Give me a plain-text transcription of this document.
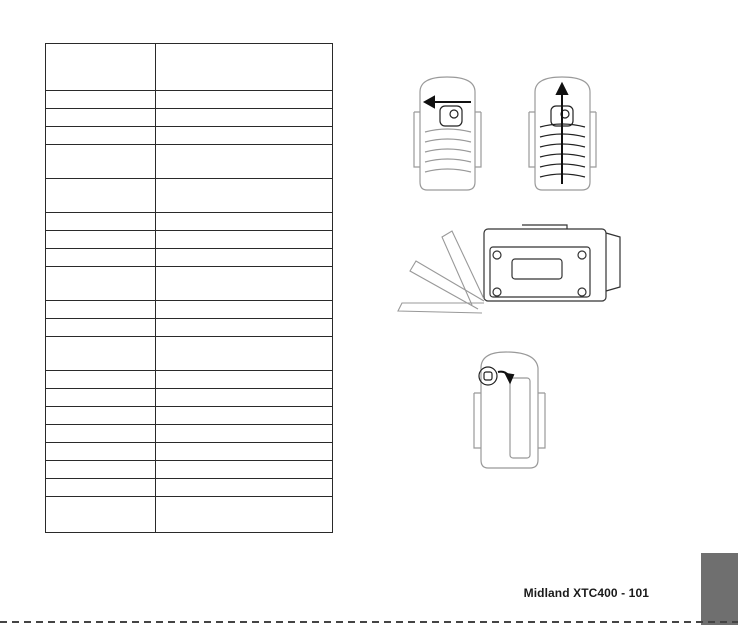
Midland XTC400 - 101
